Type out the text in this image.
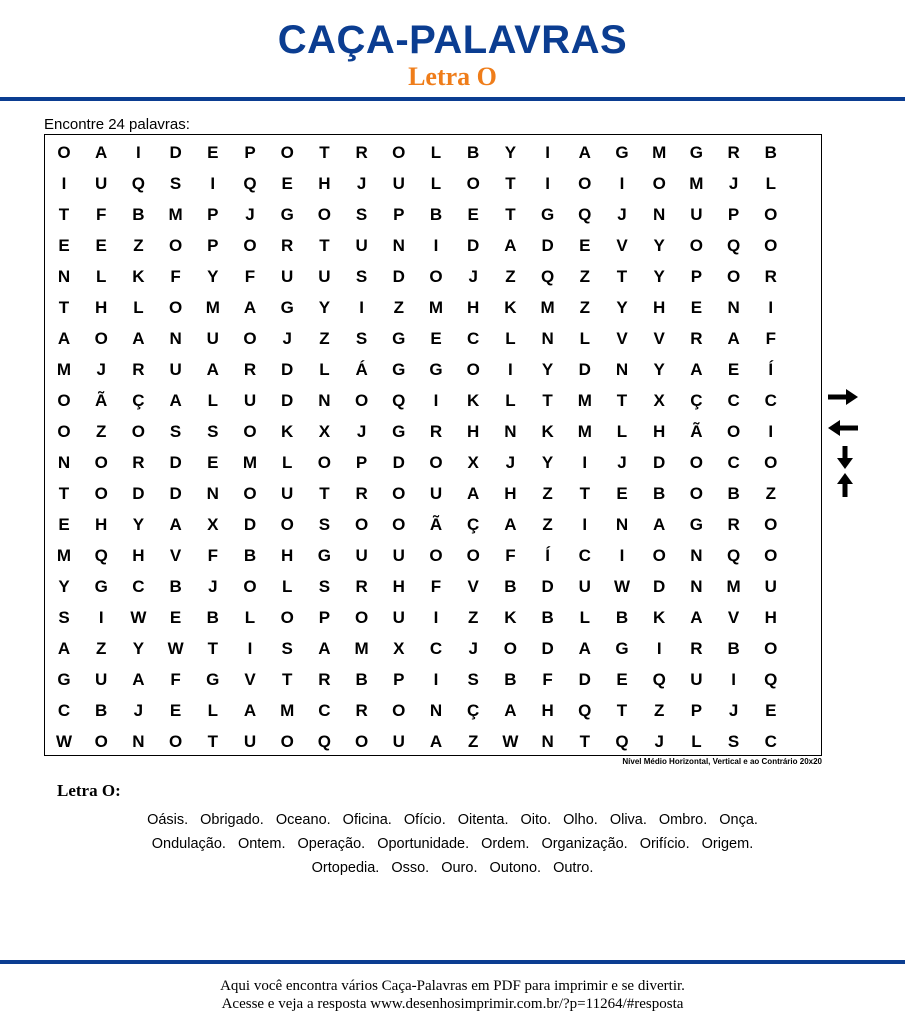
CAÇA-PALAVRAS
Letra O
Encontre 24 palavras:
O	A	I	D	E	P	O	T	R	O	L	B	Y	I	A	G	M	G	R	B
I	U	Q	S	I	Q	E	H	J	U	L	O	T	I	O	I	O	M	J	L
T	F	B	M	P	J	G	O	S	P	B	E	T	G	Q	J	N	U	P	O
E	E	Z	O	P	O	R	T	U	N	I	D	A	D	E	V	Y	O	Q	O
N	L	K	F	Y	F	U	U	S	D	O	J	Z	Q	Z	T	Y	P	O	R
T	H	L	O	M	A	G	Y	I	Z	M	H	K	M	Z	Y	H	E	N	I
A	O	A	N	U	O	J	Z	S	G	E	C	L	N	L	V	V	R	A	F
M	J	R	U	A	R	D	L	Á	G	G	O	I	Y	D	N	Y	A	E	Í
O	Ã	Ç	A	L	U	D	N	O	Q	I	K	L	T	M	T	X	Ç	C	C
O	Z	O	S	S	O	K	X	J	G	R	H	N	K	M	L	H	Ã	O	I
N	O	R	D	E	M	L	O	P	D	O	X	J	Y	I	J	D	O	C	O
T	O	D	D	N	O	U	T	R	O	U	A	H	Z	T	E	B	O	B	Z
E	H	Y	A	X	D	O	S	O	O	Ã	Ç	A	Z	I	N	A	G	R	O
M	Q	H	V	F	B	H	G	U	U	O	O	F	Í	C	I	O	N	Q	O
Y	G	C	B	J	O	L	S	R	H	F	V	B	D	U	W	D	N	M	U
S	I	W	E	B	L	O	P	O	U	I	Z	K	B	L	B	K	A	V	H
A	Z	Y	W	T	I	S	A	M	X	C	J	O	D	A	G	I	R	B	O
G	U	A	F	G	V	T	R	B	P	I	S	B	F	D	E	Q	U	I	Q
C	B	J	E	L	A	M	C	R	O	N	Ç	A	H	Q	T	Z	P	J	E
W	O	N	O	T	U	O	Q	O	U	A	Z	W	N	T	Q	J	L	S	C
Nível Médio Horizontal, Vertical e ao Contrário 20x20
Letra O:
Oásis. Obrigado. Oceano. Oficina. Ofício. Oitenta. Oito. Olho. Oliva. Ombro. Onça.
Ondulação. Ontem. Operação. Oportunidade. Ordem. Organização. Orifício. Origem.
Ortopedia. Osso. Ouro. Outono. Outro.
Aqui você encontra vários Caça-Palavras em PDF para imprimir e se divertir.
Acesse e veja a resposta www.desenhosimprimir.com.br/?p=11264/#resposta
